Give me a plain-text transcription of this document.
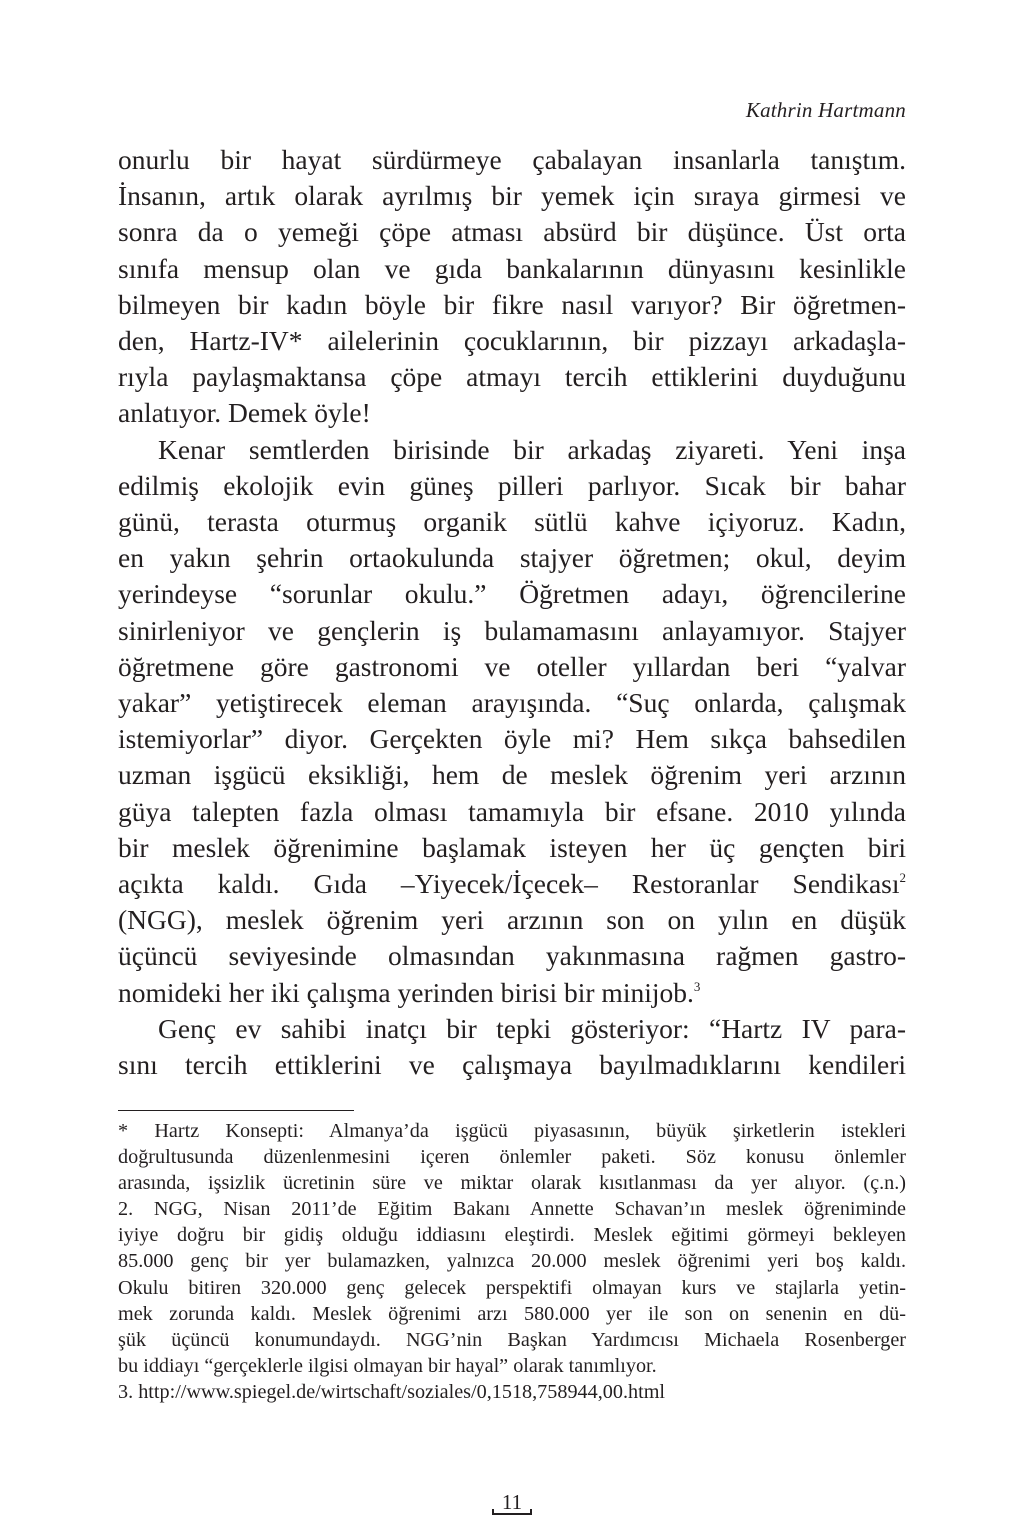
Kathrin Hartmann

onurlu bir hayat sürdürmeye çabalayan insanlarla tanıştım.
İnsanın, artık olarak ayrılmış bir yemek için sıraya girmesi ve
sonra da o yemeği çöpe atması absürd bir düşünce. Üst orta
sınıfa mensup olan ve gıda bankalarının dünyasını kesinlikle
bilmeyen bir kadın böyle bir fikre nasıl varıyor? Bir öğretmen-
den, Hartz-IV* ailelerinin çocuklarının, bir pizzayı arkadaşla-
rıyla paylaşmaktansa çöpe atmayı tercih ettiklerini duyduğunu
anlatıyor. Demek öyle!

Kenar semtlerden birisinde bir arkadaş ziyareti. Yeni inşa
edilmiş ekolojik evin güneş pilleri parlıyor. Sıcak bir bahar
günü, terasta oturmuş organik sütlü kahve içiyoruz. Kadın,
en yakın şehrin ortaokulunda stajyer öğretmen; okul, deyim
yerindeyse “sorunlar okulu.” Öğretmen adayı, öğrencilerine
sinirleniyor ve gençlerin iş bulamamasını anlayamıyor. Stajyer
öğretmene göre gastronomi ve oteller yıllardan beri “yalvar
yakar” yetiştirecek eleman arayışında. “Suç onlarda, çalışmak
istemiyorlar” diyor. Gerçekten öyle mi? Hem sıkça bahsedilen
uzman işgücü eksikliği, hem de meslek öğrenim yeri arzının
güya talepten fazla olması tamamıyla bir efsane. 2010 yılında
bir meslek öğrenimine başlamak isteyen her üç gençten biri
açıkta kaldı. Gıda –Yiyecek/İçecek– Restoranlar Sendikası$^2$
(NGG), meslek öğrenim yeri arzının son on yılın en düşük
üçüncü seviyesinde olmasından yakınmasına rağmen gastro-
nomideki her iki çalışma yerinden birisi bir minijob.$^3$

Genç ev sahibi inatçı bir tepki gösteriyor: “Hartz IV para-
sını tercih ettiklerini ve çalışmaya bayılmadıklarını kendileri

* Hartz Konsepti: Almanya’da işgücü piyasasının, büyük şirketlerin istekleri
doğrultusunda düzenlenmesini içeren önlemler paketi. Söz konusu önlemler
arasında, işsizlik ücretinin süre ve miktar olarak kısıtlanması da yer alıyor. (ç.n.)
2. NGG, Nisan 2011’de Eğitim Bakanı Annette Schavan’ın meslek öğreniminde
iyiye doğru bir gidiş olduğu iddiasını eleştirdi. Meslek eğitimi görmeyi bekleyen
85.000 genç bir yer bulamazken, yalnızca 20.000 meslek öğrenimi yeri boş kaldı.
Okulu bitiren 320.000 genç gelecek perspektifi olmayan kurs ve stajlarla yetin-
mek zorunda kaldı. Meslek öğrenimi arzı 580.000 yer ile son on senenin en dü-
şük üçüncü konumundaydı. NGG’nin Başkan Yardımcısı Michaela Rosenberger
bu iddiayı “gerçeklerle ilgisi olmayan bir hayal” olarak tanımlıyor.
3. http://www.spiegel.de/wirtschaft/soziales/0,1518,758944,00.html
11
